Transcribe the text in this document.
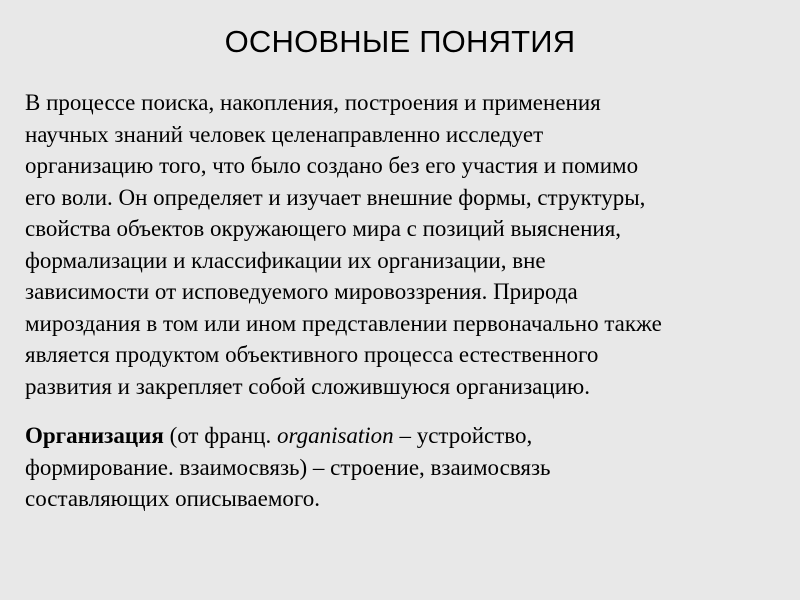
ОСНОВНЫЕ ПОНЯТИЯ
В процессе поиска, накопления, построения и применения
научных знаний человек целенаправленно исследует
организацию того, что было создано без его участия и помимо
его воли. Он определяет и изучает внешние формы, структуры,
свойства объектов окружающего мира с позиций выяснения,
формализации и классификации их организации, вне
зависимости от исповедуемого мировоззрения. Природа
мироздания в том или ином представлении первоначально также
является продуктом объективного процесса естественного
развития и закрепляет собой сложившуюся организацию.
Организация (от франц. organisation – устройство,
формирование. взаимосвязь) – строение, взаимосвязь
составляющих описываемого.
